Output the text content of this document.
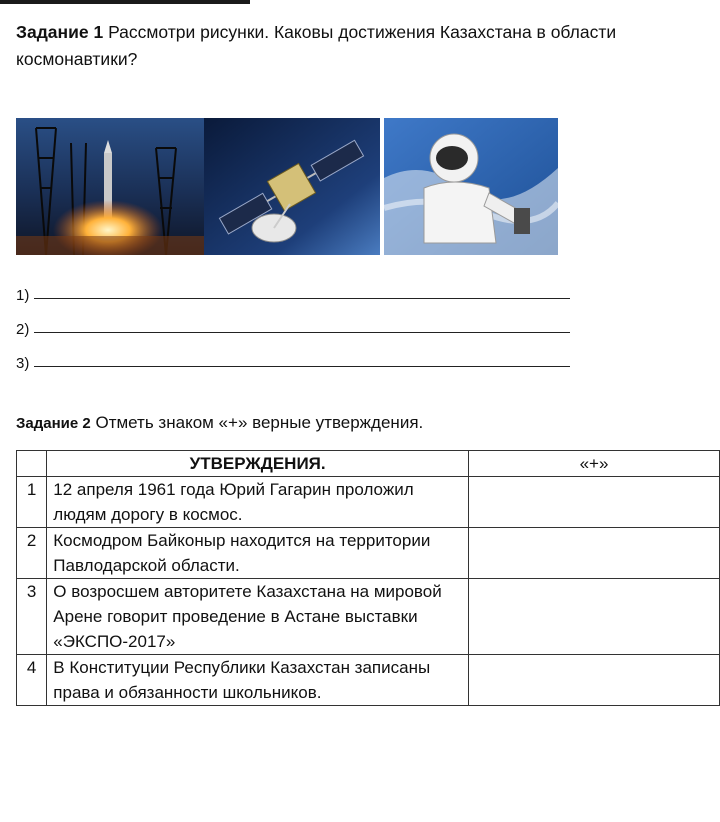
Задание 1 Рассмотри рисунки. Каковы достижения Казахстана в области космонавтики?
1)
2)
3)
Задание 2 Отметь знаком «+» верные утверждения.
	УТВЕРЖДЕНИЯ.	«+»
1	12 апреля 1961 года Юрий Гагарин проложил людям дорогу в космос.	
2	Космодром Байконыр находится на территории Павлодарской области.	
3	О возросшем авторитете Казахстана на мировой Арене говорит проведение в Астане выставки «ЭКСПО-2017»	
4	В Конституции Республики Казахстан записаны права и обязанности школьников.	
